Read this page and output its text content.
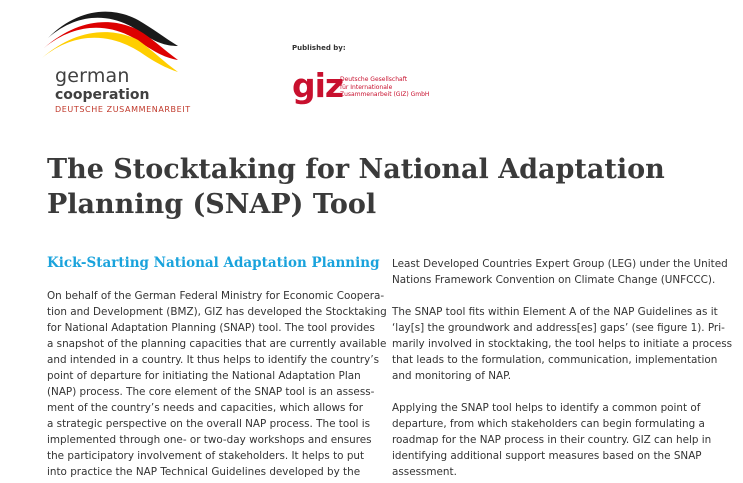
german
cooperation
DEUTSCHE ZUSAMMENARBEIT
Published by:
giz
Deutsche Gesellschaft
für Internationale
Zusammenarbeit (GIZ) GmbH
The Stocktaking for National Adaptation
Planning (SNAP) Tool
Kick-Starting National Adaptation Planning

On behalf of the German Federal Ministry for Economic Coopera-

tion and Development (BMZ), GIZ has developed the Stocktaking

for National Adaptation Planning (SNAP) tool. The tool provides

a snapshot of the planning capacities that are currently available

and intended in a country. It thus helps to identify the country’s

point of departure for initiating the National Adaptation Plan

(NAP) process. The core element of the SNAP tool is an assess-

ment of the country’s needs and capacities, which allows for

a strategic perspective on the overall NAP process. The tool is

implemented through one- or two-day workshops and ensures

the participatory involvement of stakeholders. It helps to put

into practice the NAP Technical Guidelines developed by the

Least Developed Countries Expert Group (LEG) under the United

Nations Framework Convention on Climate Change (UNFCCC).

The SNAP tool fits within Element A of the NAP Guidelines as it

‘lay[s] the groundwork and address[es] gaps’ (see figure 1). Pri-

marily involved in stocktaking, the tool helps to initiate a process

that leads to the formulation, communication, implementation

and monitoring of NAP.

Applying the SNAP tool helps to identify a common point of

departure, from which stakeholders can begin formulating a

roadmap for the NAP process in their country. GIZ can help in

identifying additional support measures based on the SNAP

assessment.
